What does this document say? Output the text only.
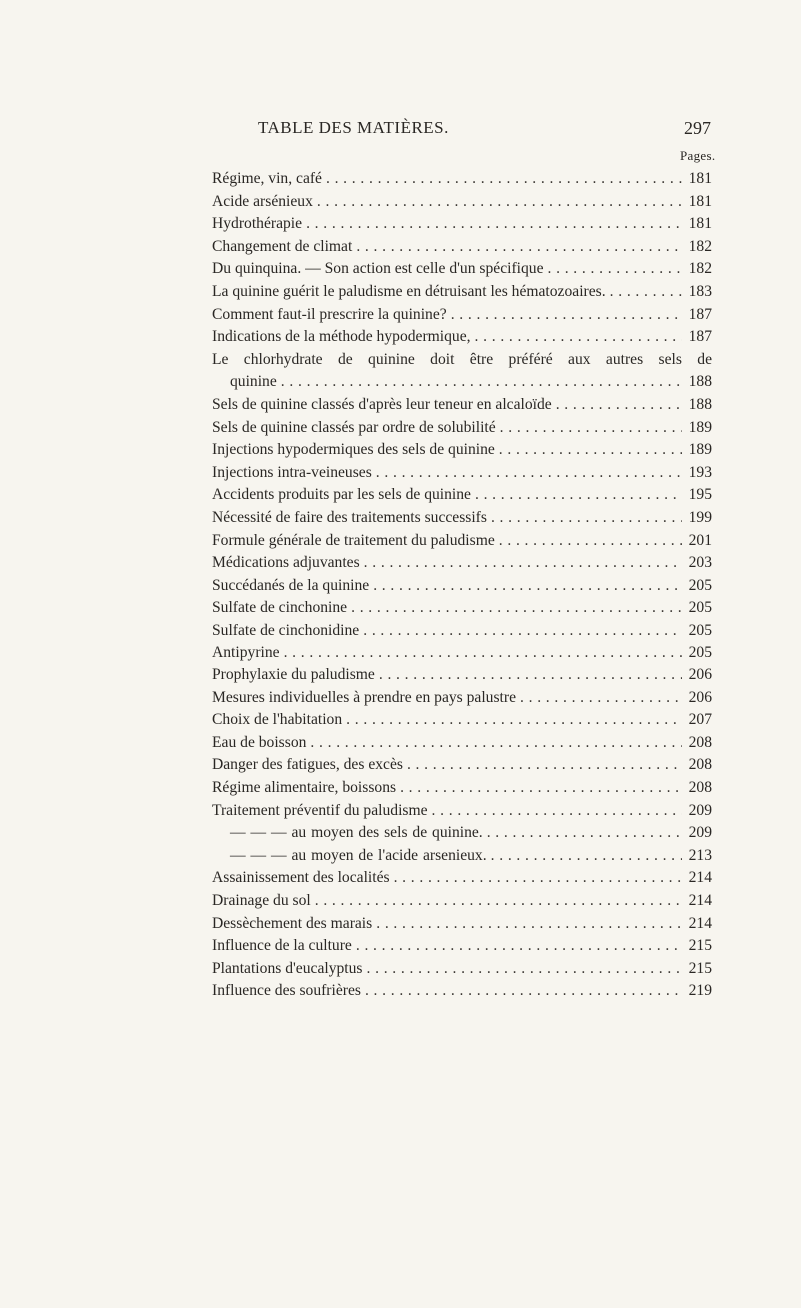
TABLE DES MATIÈRES.	297
Pages.
Régime, vin, café . . .	181
Acide arsénieux . . .	181
Hydrothérapie . . .	181
Changement de climat . . .	182
Du quinquina. — Son action est celle d'un spécifique . . .	182
La quinine guérit le paludisme en détruisant les hématozoaires. . . .	183
Comment faut-il prescrire la quinine? . . .	187
Indications de la méthode hypodermique, . . .	187
Le chlorhydrate de quinine doit être préféré aux autres sels de
quinine . . .	188
Sels de quinine classés d'après leur teneur en alcaloïde . . .	188
Sels de quinine classés par ordre de solubilité . . .	189
Injections hypodermiques des sels de quinine . . .	189
Injections intra-veineuses . . .	193
Accidents produits par les sels de quinine . . .	195
Nécessité de faire des traitements successifs . . .	199
Formule générale de traitement du paludisme . . .	201
Médications adjuvantes . . .	203
Succédanés de la quinine . . .	205
Sulfate de cinchonine . . .	205
Sulfate de cinchonidine . . .	205
Antipyrine . . .	205
Prophylaxie du paludisme . . .	206
Mesures individuelles à prendre en pays palustre . . .	206
Choix de l'habitation . . .	207
Eau de boisson . . .	208
Danger des fatigues, des excès . . .	208
Régime alimentaire, boissons . . .	208
Traitement préventif du paludisme . . .	209
— — — au moyen des sels de quinine. . . .	209
— — — au moyen de l'acide arsenieux. . . .	213
Assainissement des localités . . .	214
Drainage du sol . . .	214
Dessèchement des marais . . .	214
Influence de la culture . . .	215
Plantations d'eucalyptus . . .	215
Influence des soufrières . . .	219
